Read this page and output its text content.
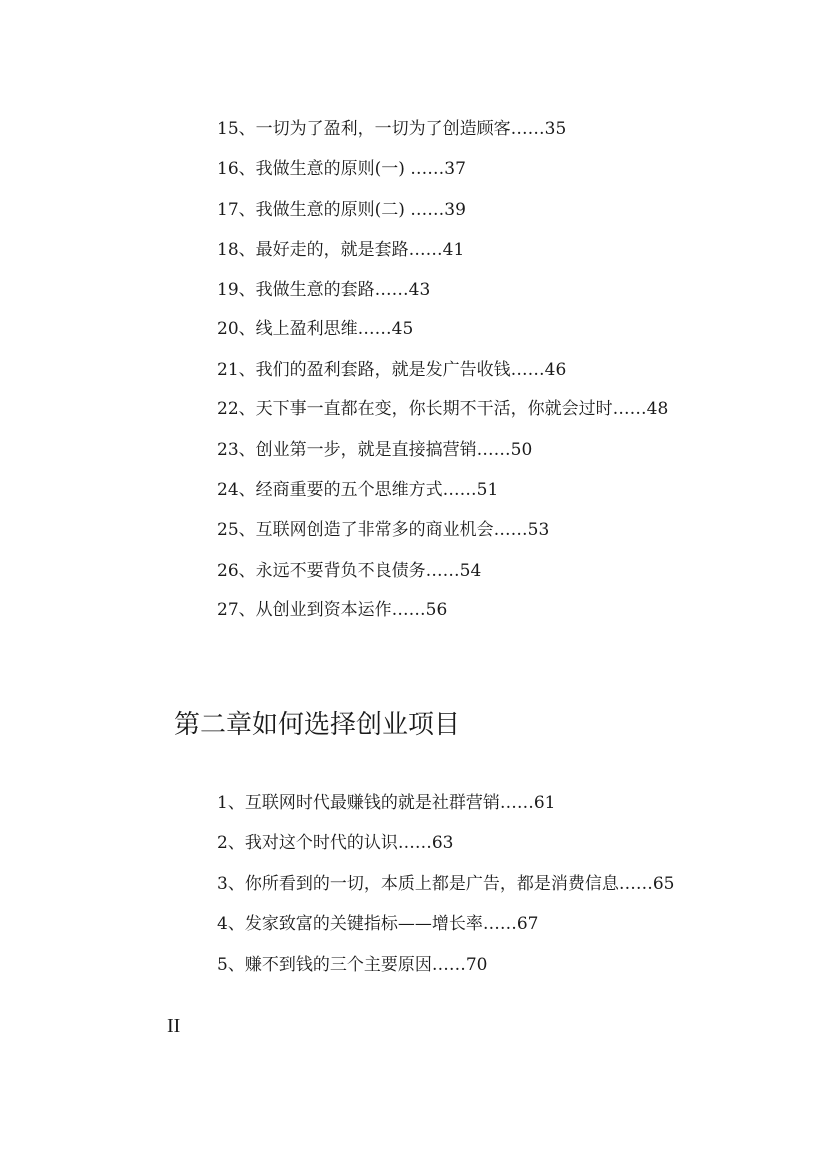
15、一切为了盈利，一切为了创造顾客……35
16、我做生意的原则(一) ……37
17、我做生意的原则(二) ……39
18、最好走的，就是套路……41
19、我做生意的套路……43
20、线上盈利思维……45
21、我们的盈利套路，就是发广告收钱……46
22、天下事一直都在变，你长期不干活，你就会过时……48
23、创业第一步，就是直接搞营销……50
24、经商重要的五个思维方式……51
25、互联网创造了非常多的商业机会……53
26、永远不要背负不良债务……54
27、从创业到资本运作……56
第二章如何选择创业项目
1、互联网时代最赚钱的就是社群营销……61
2、我对这个时代的认识……63
3、你所看到的一切，本质上都是广告，都是消费信息……65
4、发家致富的关键指标——增长率……67
5、赚不到钱的三个主要原因……70
II
